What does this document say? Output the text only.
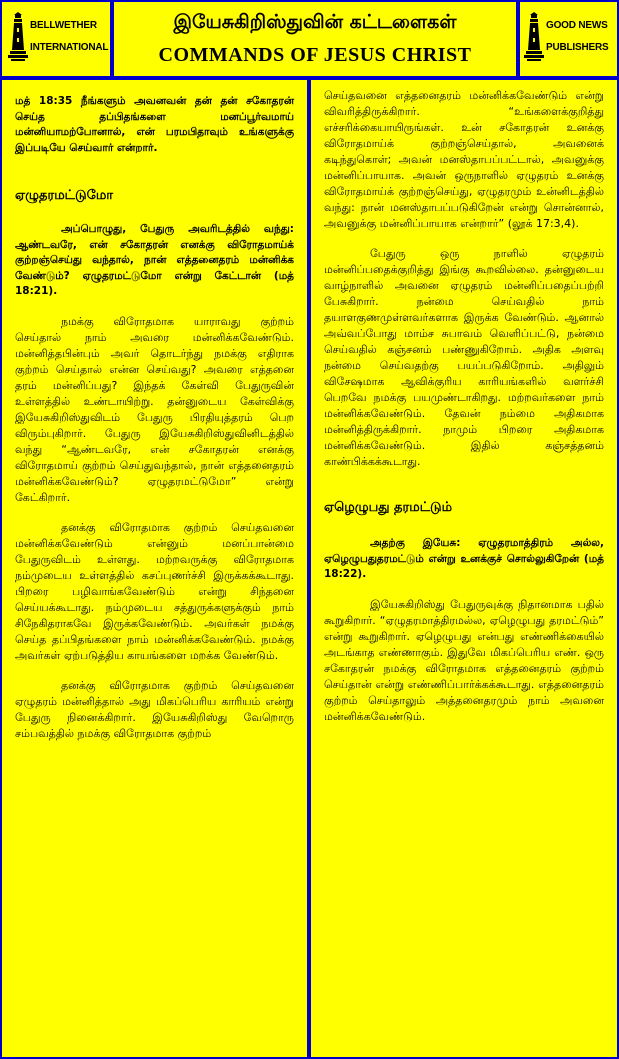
BELLWETHER
INTERNATIONAL
இயேசுகிறிஸ்துவின் கட்டளைகள்
COMMANDS OF JESUS CHRIST
GOOD NEWS
PUBLISHERS

மத் 18:35 நீங்களும் அவனவன் தன் தன் சகோதரன் செய்த தப்பிதங்களை மனப்பூர்வமாய் மன்னியாமற்போனால், என் பரமபிதாவும் உங்களுக்கு இப்படியே செய்வார் என்றார்.

ஏழுதரமட்டுமோ

அப்பொழுது, பேதுரு அவரிடத்தில் வந்து: ஆண்டவரே, என் சகோதரன் எனக்கு விரோதமாய்க் குற்றஞ்செய்து வந்தால், நான் எத்தனைதரம் மன்னிக்க வேண்டும்? ஏழுதரமட்டுமோ என்று கேட்டான் (மத் 18:21).

நமக்கு விரோதமாக யாராவது குற்றம் செய்தால் நாம் அவரை மன்னிக்கவேண்டும். மன்னித்தபின்பும் அவர் தொடர்ந்து நமக்கு எதிராக குற்றம் செய்தால் என்ன செய்வது? அவரை எத்தனை தரம் மன்னிப்பது? இந்தக் கேள்வி பேதுருவின் உள்ளத்தில் உண்டாயிற்று. தன்னுடைய கேள்விக்கு இயேசுகிறிஸ்துவிடம் பேதுரு பிரதியுத்தரம் பெற விரும்புகிறார். பேதுரு இயேசுகிறிஸ்துவினிடத்தில் வந்து “ஆண்டவரே, என் சகோதரன் எனக்கு விரோதமாய் குற்றம் செய்துவந்தால், நான் எத்தனைதரம் மன்னிக்கவேண்டும்? ஏழுதரமட்டுமோ” என்று கேட்கிறார்.

தனக்கு விரோதமாக குற்றம் செய்தவனை மன்னிக்கவேண்டும் என்னும் மனப்பான்மை பேதுருவிடம் உள்ளது. மற்றவருக்கு விரோதமாக நம்முடைய உள்ளத்தில் கசப்புணர்ச்சி இருக்கக்கூடாது. பிறரை பழிவாங்கவேண்டும் என்று சிந்தனை செய்யக்கூடாது. நம்முடைய சத்துருக்களுக்கும் நாம் சிநேகிதராகவே இருக்கவேண்டும். அவர்கள் நமக்கு செய்த தப்பிதங்களை நாம் மன்னிக்கவேண்டும். நமக்கு அவர்கள் ஏற்படுத்திய காயங்களை மறக்க வேண்டும்.

தனக்கு விரோதமாக குற்றம் செய்தவனை ஏழுதரம் மன்னித்தால் அது மிகப்பெரிய காரியம் என்று பேதுரு நினைக்கிறார். இயேசுகிறிஸ்து வேறொரு சம்பவத்தில் நமக்கு விரோதமாக குற்றம்

செய்தவனை எத்தனைதரம் மன்னிக்கவேண்டும் என்று விவரித்திருக்கிறார். “உங்களைக்குறித்து எச்சரிக்கையாயிருங்கள். உன் சகோதரன் உனக்கு விரோதமாய்க் குற்றஞ்செய்தால், அவனைக் கடிந்துகொள்; அவன் மனஸ்தாபப்பட்டால், அவனுக்கு மன்னிப்பாயாக. அவன் ஒருநாளில் ஏழுதரம் உனக்கு விரோதமாய்க் குற்றஞ்செய்து, ஏழுதரமும் உன்னிடத்தில் வந்து: நான் மனஸ்தாபப்படுகிறேன் என்று சொன்னால், அவனுக்கு மன்னிப்பாயாக என்றார்” (லூக் 17:3,4).

பேதுரு ஒரு நாளில் ஏழுதரம் மன்னிப்பதைக்குறித்து இங்கு கூறவில்லை. தன்னுடைய வாழ்நாளில் அவனை ஏழுதரம் மன்னிப்பதைப்பற்றி பேசுகிறார். நன்மை செய்வதில் நாம் தயாளகுணமுள்ளவர்களாக இருக்க வேண்டும். ஆனால் அவ்வப்போது மாம்ச சுபாவம் வெளிப்பட்டு, நன்மை செய்வதில் கஞ்சனம் பண்ணுகிறோம். அதிக அளவு நன்மை செய்வதற்கு பயப்படுகிறோம். அதிலும் விசேஷமாக ஆவிக்குரிய காரியங்களில் வளர்ச்சி பெறவே நமக்கு பயமுண்டாகிறது. மற்றவர்களை நாம் மன்னிக்கவேண்டும். தேவன் நம்மை அதிகமாக மன்னித்திருக்கிறார். நாமும் பிறரை அதிகமாக மன்னிக்கவேண்டும். இதில் கஞ்சத்தனம் காண்பிக்கக்கூடாது.

ஏழெழுபது தரமட்டும்

அதற்கு இயேசு: ஏழுதரமாத்திரம் அல்ல, ஏழெழுபதுதரமட்டும் என்று உனக்குச் சொல்லுகிறேன் (மத் 18:22).

இயேசுகிறிஸ்து பேதுருவுக்கு நிதானமாக பதில் கூறுகிறார். “ஏழுதரமாத்திரமல்ல, ஏழெழுபது தரமட்டும்” என்று கூறுகிறார். ஏழெழுபது என்பது எண்ணிக்கையில் அடங்காத எண்ணாகும். இதுவே மிகப்பெரிய எண். ஒரு சகோதரன் நமக்கு விரோதமாக எத்தனைதரம் குற்றம் செய்தான் என்று எண்ணிப்பார்க்கக்கூடாது. எத்தனைதரம் குற்றம் செய்தாலும் அத்தனைதரமும் நாம் அவனை மன்னிக்கவேண்டும்.
